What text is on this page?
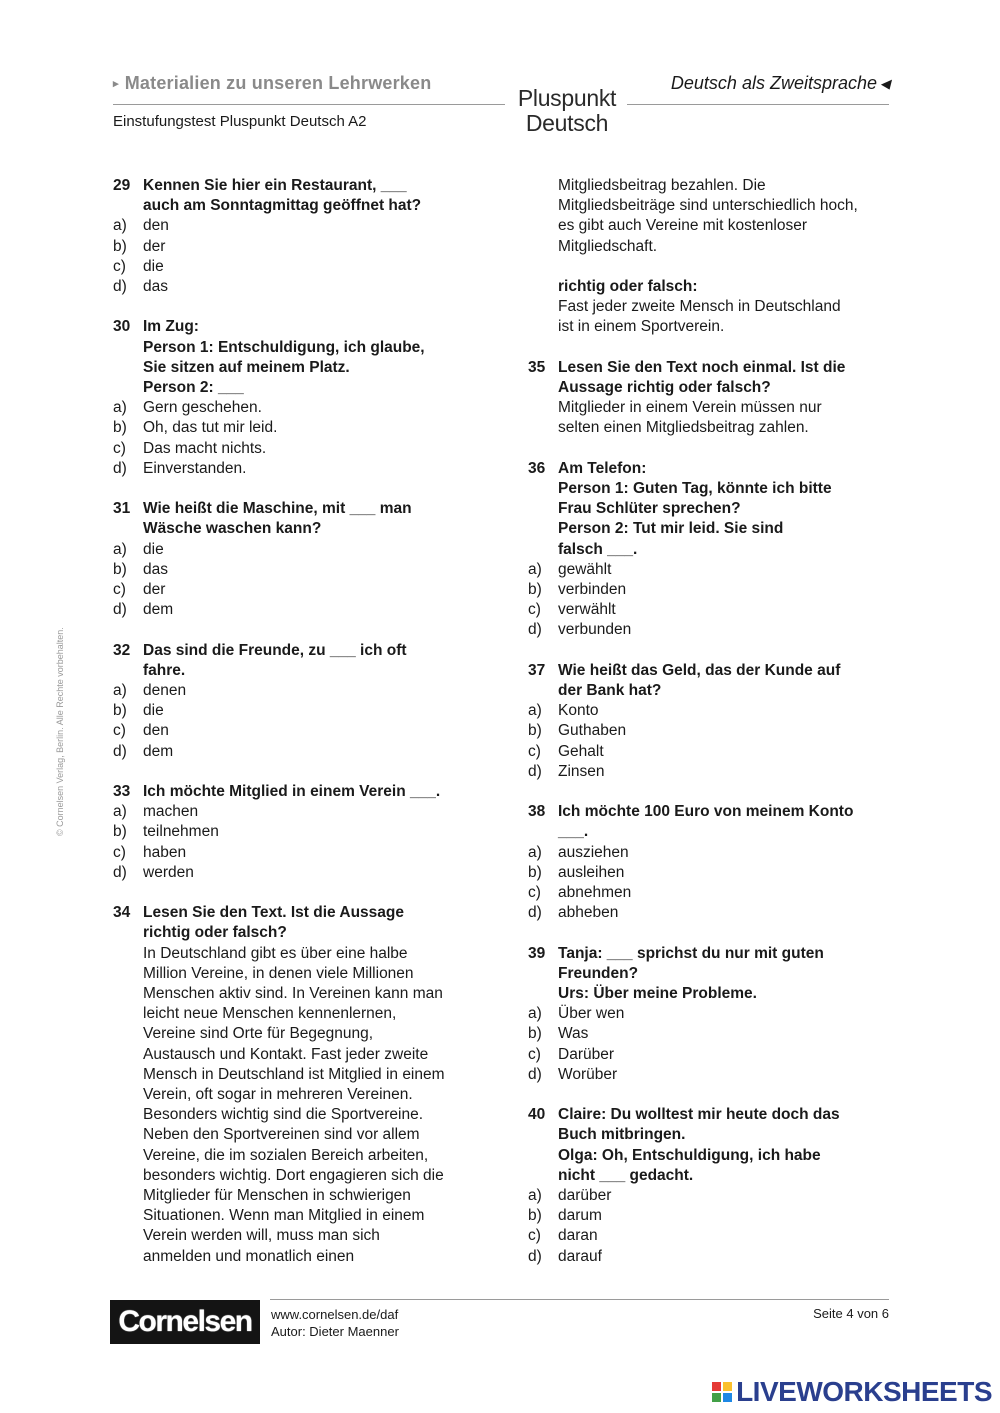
▸ Materialien zu unseren Lehrwerken	Deutsch als Zweitsprache ◀
Pluspunkt
Deutsch
Einstufungstest Pluspunkt Deutsch A2
© Cornelsen Verlag, Berlin. Alle Rechte vorbehalten.
29 Kennen Sie hier ein Restaurant, ___
auch am Sonntagmittag geöffnet hat?
a)	den
b)	der
c)	die
d)	das
30 Im Zug:
Person 1: Entschuldigung, ich glaube,
Sie sitzen auf meinem Platz.
Person 2: ___
a)	Gern geschehen.
b)	Oh, das tut mir leid.
c)	Das macht nichts.
d)	Einverstanden.
31 Wie heißt die Maschine, mit ___ man
Wäsche waschen kann?
a)	die
b)	das
c)	der
d)	dem
32 Das sind die Freunde, zu ___ ich oft
fahre.
a)	denen
b)	die
c)	den
d)	dem
33 Ich möchte Mitglied in einem Verein ___.
a)	machen
b)	teilnehmen
c)	haben
d)	werden
34 Lesen Sie den Text. Ist die Aussage
richtig oder falsch?
In Deutschland gibt es über eine halbe
Million Vereine, in denen viele Millionen
Menschen aktiv sind. In Vereinen kann man
leicht neue Menschen kennenlernen,
Vereine sind Orte für Begegnung,
Austausch und Kontakt. Fast jeder zweite
Mensch in Deutschland ist Mitglied in einem
Verein, oft sogar in mehreren Vereinen.
Besonders wichtig sind die Sportvereine.
Neben den Sportvereinen sind vor allem
Vereine, die im sozialen Bereich arbeiten,
besonders wichtig. Dort engagieren sich die
Mitglieder für Menschen in schwierigen
Situationen. Wenn man Mitglied in einem
Verein werden will, muss man sich
anmelden und monatlich einen
Mitgliedsbeitrag bezahlen. Die
Mitgliedsbeiträge sind unterschiedlich hoch,
es gibt auch Vereine mit kostenloser
Mitgliedschaft.
richtig oder falsch:
Fast jeder zweite Mensch in Deutschland
ist in einem Sportverein.
35 Lesen Sie den Text noch einmal. Ist die
Aussage richtig oder falsch?
Mitglieder in einem Verein müssen nur
selten einen Mitgliedsbeitrag zahlen.
36 Am Telefon:
Person 1: Guten Tag, könnte ich bitte
Frau Schlüter sprechen?
Person 2: Tut mir leid. Sie sind
falsch ___.
a)	gewählt
b)	verbinden
c)	verwählt
d)	verbunden
37 Wie heißt das Geld, das der Kunde auf
der Bank hat?
a)	Konto
b)	Guthaben
c)	Gehalt
d)	Zinsen
38 Ich möchte 100 Euro von meinem Konto
___.
a)	ausziehen
b)	ausleihen
c)	abnehmen
d)	abheben
39 Tanja: ___ sprichst du nur mit guten
Freunden?
Urs: Über meine Probleme.
a)	Über wen
b)	Was
c)	Darüber
d)	Worüber
40 Claire: Du wolltest mir heute doch das
Buch mitbringen.
Olga: Oh, Entschuldigung, ich habe
nicht ___ gedacht.
a)	darüber
b)	darum
c)	daran
d)	darauf
Cornelsen	www.cornelsen.de/daf
Autor: Dieter Maenner
Seite 4 von 6
LIVEWORKSHEETS
